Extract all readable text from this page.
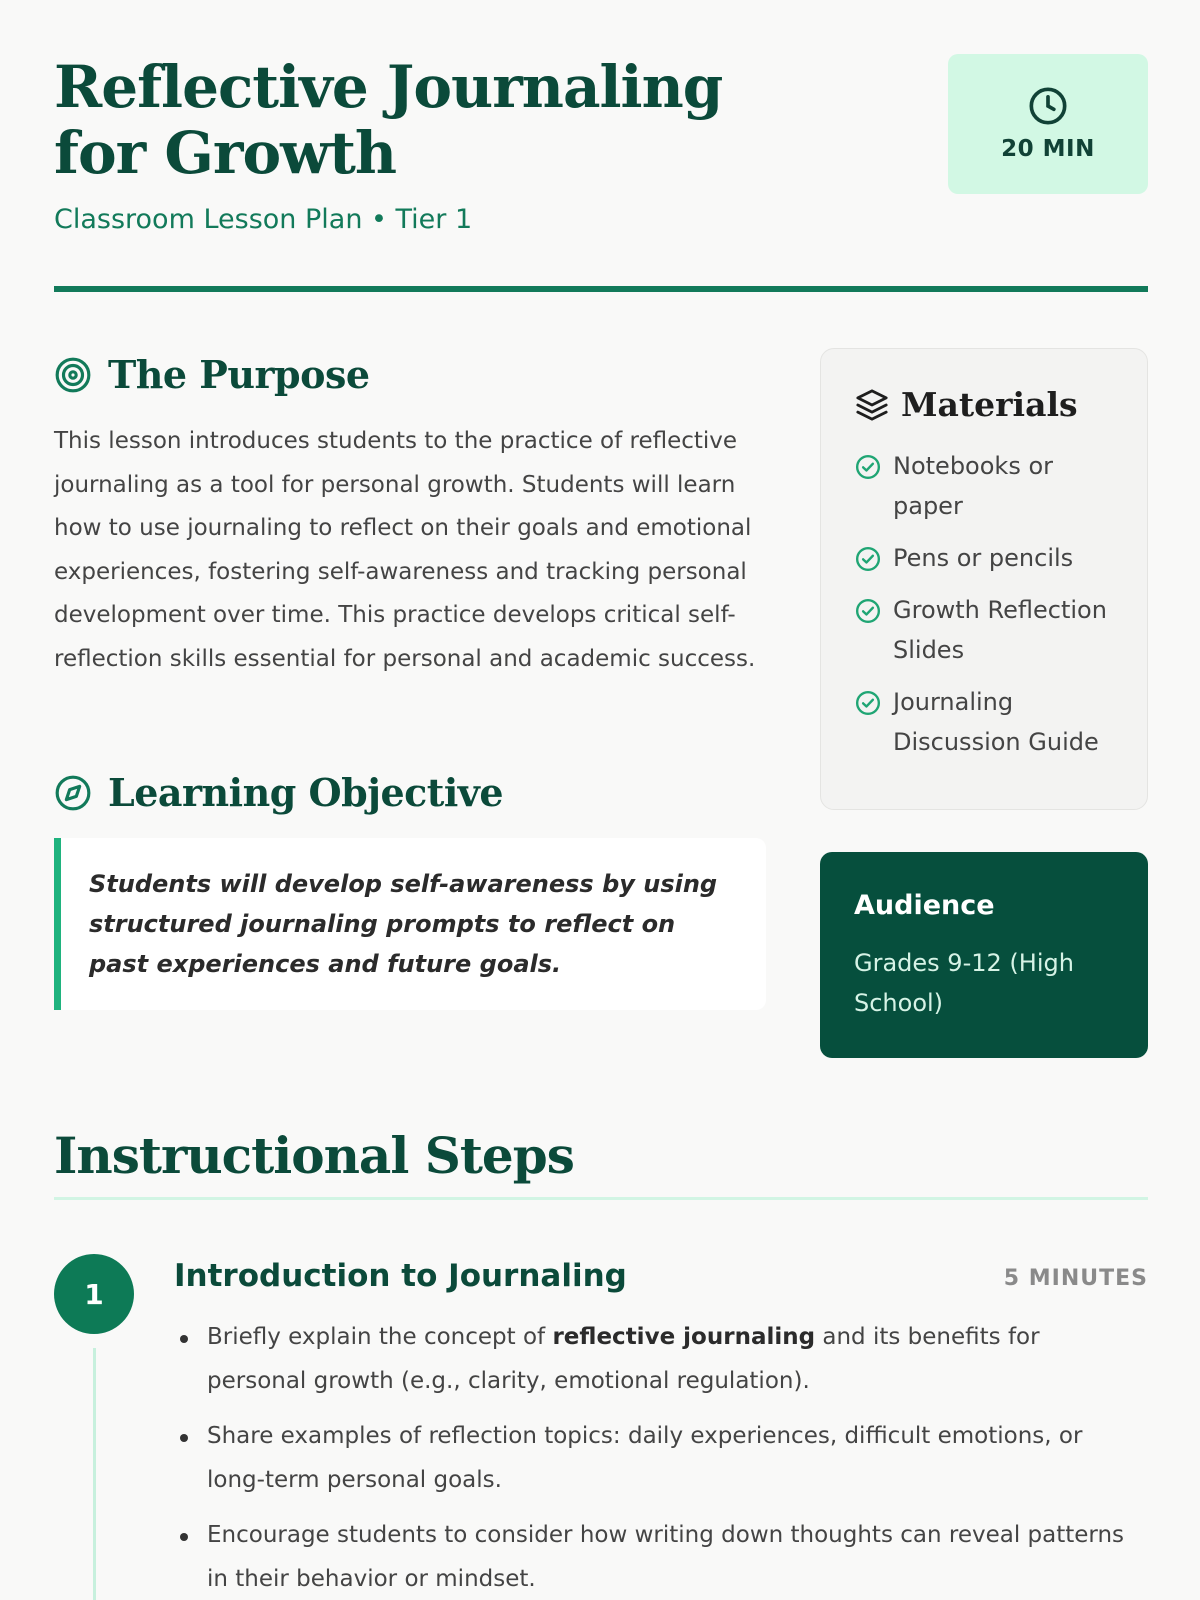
Reflective Journaling for Growth
Classroom Lesson Plan • Tier 1
20 MIN
The Purpose

This lesson introduces students to the practice of reflective journaling as a tool for personal growth. Students will learn how to use journaling to reflect on their goals and emotional experiences, fostering self-awareness and tracking personal development over time. This practice develops critical self-reflection skills essential for personal and academic success.

Learning Objective

Students will develop self-awareness by using structured journaling prompts to reflect on past experiences and future goals.

Materials
Notebooks or paper
Pens or pencils
Growth Reflection Slides
Journaling Discussion Guide
Audience
Grades 9-12 (High School)
Instructional Steps
1	Introduction to Journaling	5 MINUTES
Briefly explain the concept of reflective journaling and its benefits for personal growth (e.g., clarity, emotional regulation).
Share examples of reflection topics: daily experiences, difficult emotions, or long-term personal goals.
Encourage students to consider how writing down thoughts can reveal patterns in their behavior or mindset.
